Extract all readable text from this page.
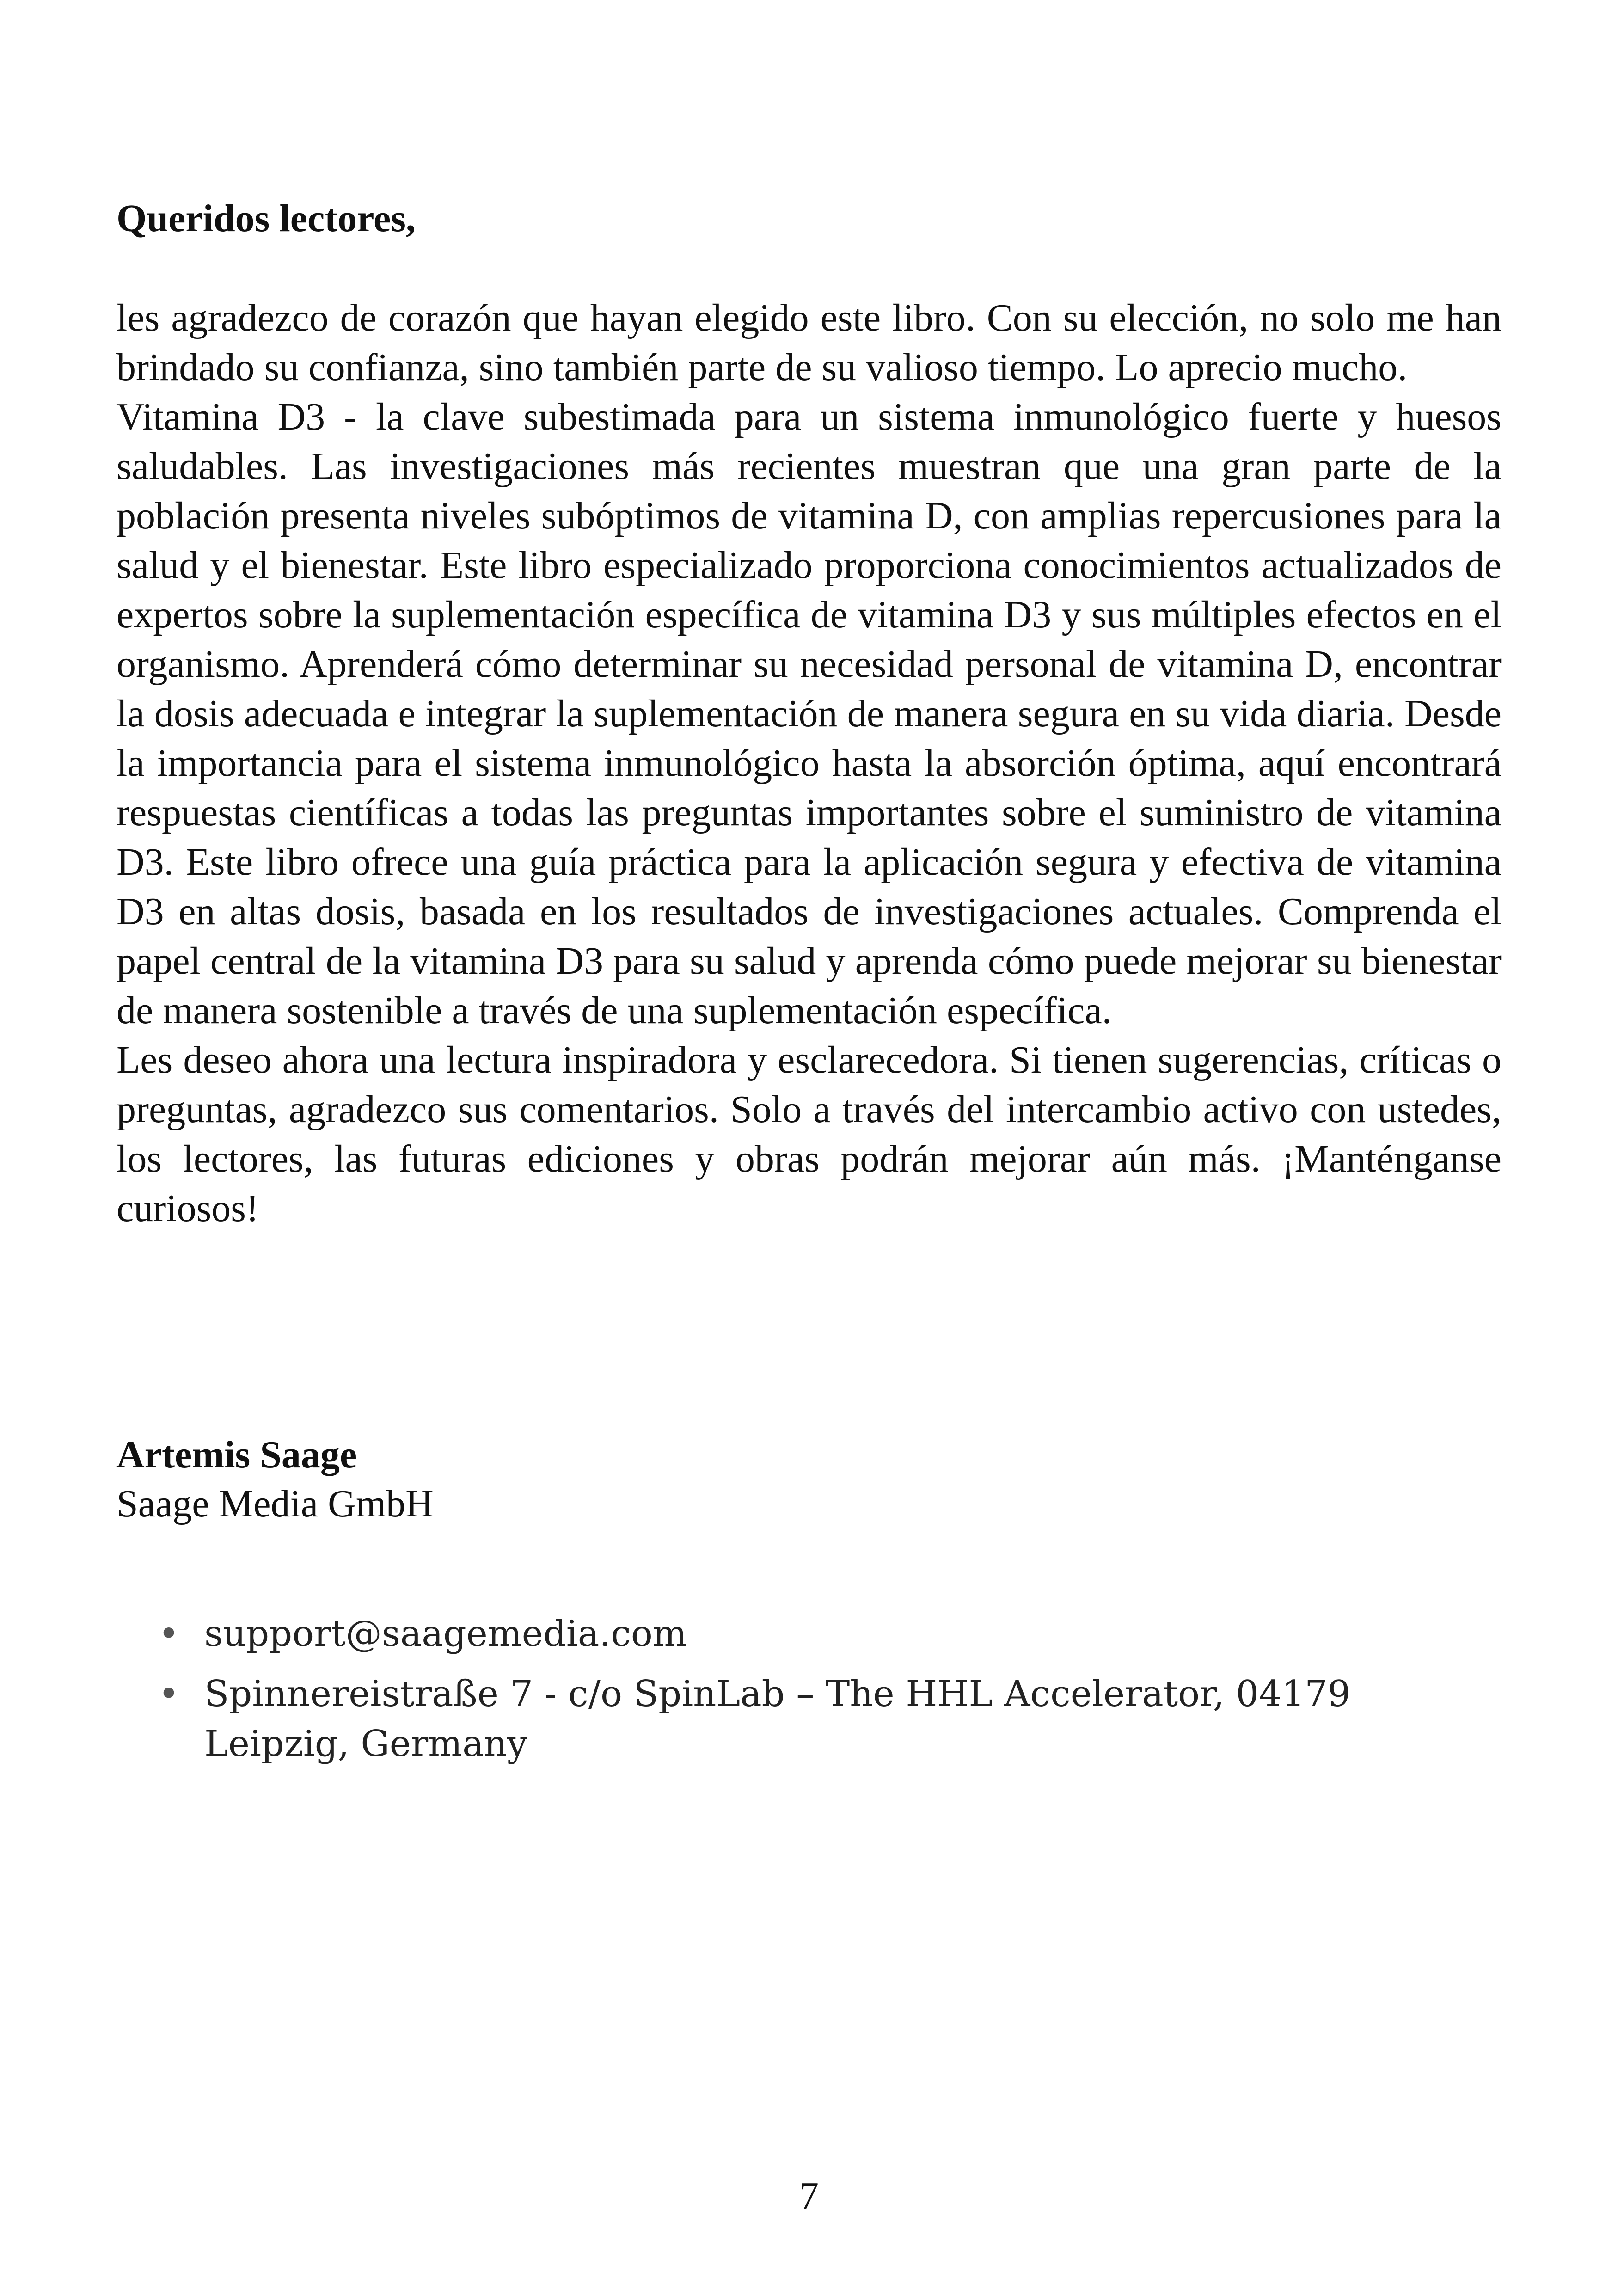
Queridos lectores,

les agradezco de corazón que hayan elegido este libro. Con su elección, no solo me han brindado su confianza, sino también parte de su valioso tiempo. Lo aprecio mucho.

Vitamina D3 - la clave subestimada para un sistema inmunológico fuerte y huesos saludables. Las investigaciones más recientes muestran que una gran parte de la población presenta niveles subóptimos de vitamina D, con amplias repercusiones para la salud y el bienestar. Este libro especializado proporciona conocimientos actualizados de expertos sobre la suplementación específica de vitamina D3 y sus múltiples efectos en el organismo. Aprenderá cómo determinar su necesidad personal de vitamina D, encontrar la dosis adecuada e integrar la suplementación de manera segura en su vida diaria. Desde la importancia para el sistema inmunológico hasta la absorción óptima, aquí encontrará respuestas científicas a todas las preguntas importantes sobre el suministro de vitamina D3. Este libro ofrece una guía práctica para la aplicación segura y efectiva de vitamina D3 en altas dosis, basada en los resultados de investigaciones actuales. Comprenda el papel central de la vitamina D3 para su salud y aprenda cómo puede mejorar su bienestar de manera sostenible a través de una suplementación específica.

Les deseo ahora una lectura inspiradora y esclarecedora. Si tienen sugerencias, críticas o preguntas, agradezco sus comentarios. Solo a través del intercambio activo con ustedes, los lectores, las futuras ediciones y obras podrán mejorar aún más. ¡Manténganse curiosos!

Artemis Saage
Saage Media GmbH
• support@saagemedia.com
• Spinnereistraße 7 - c/o SpinLab – The HHL Accelerator, 04179 Leipzig, Germany
7
